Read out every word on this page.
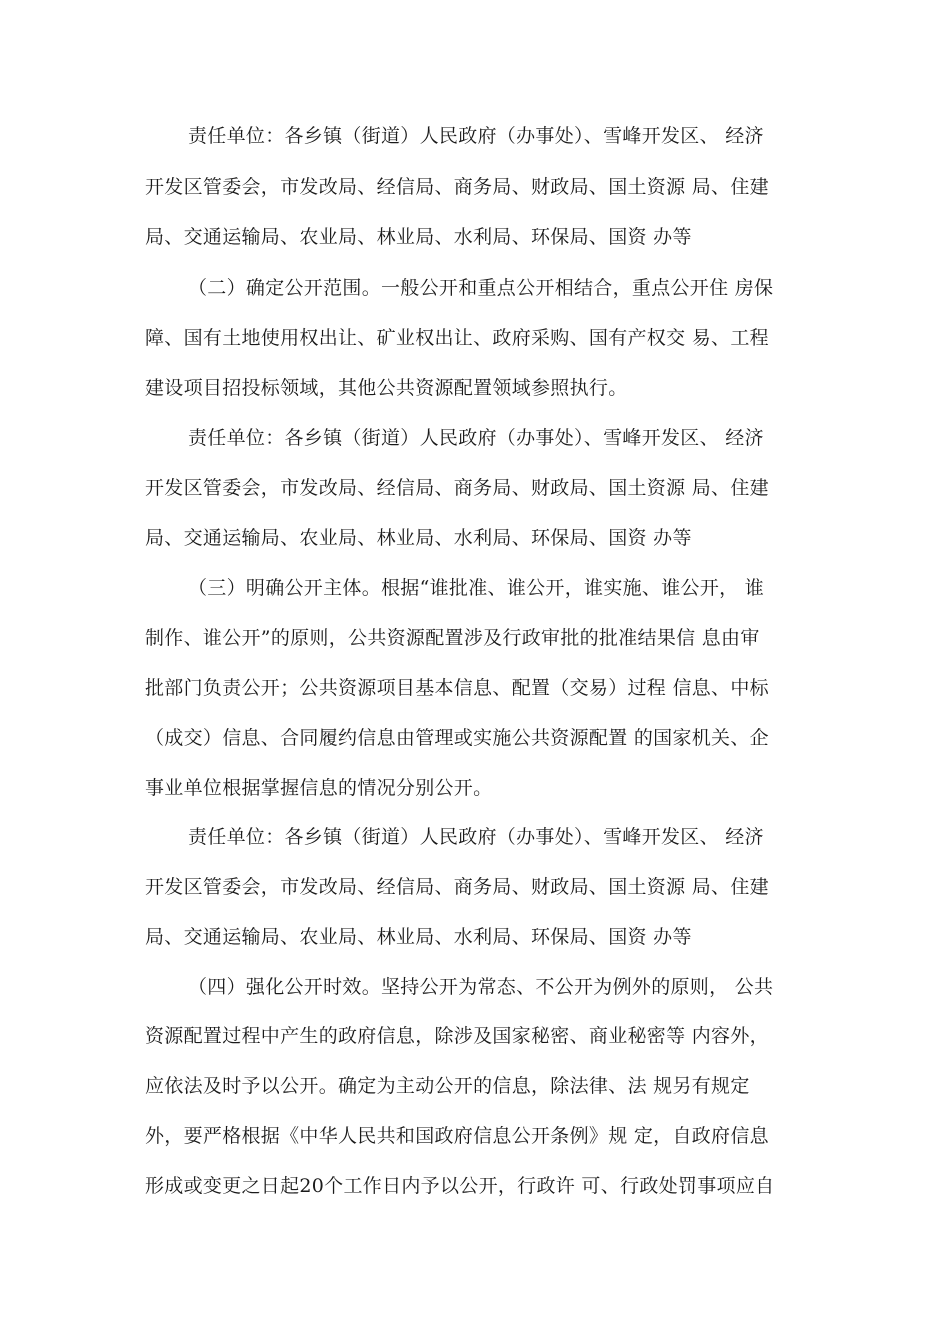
责任单位：各乡镇（街道）人民政府（办事处）、雪峰开发区、 经济
开发区管委会，市发改局、经信局、商务局、财政局、国土资源 局、住建
局、交通运输局、农业局、林业局、水利局、环保局、国资 办等
（二）确定公开范围。一般公开和重点公开相结合，重点公开住 房保
障、国有土地使用权出让、矿业权出让、政府采购、国有产权交 易、工程
建设项目招投标领域，其他公共资源配置领域参照执行。
责任单位：各乡镇（街道）人民政府（办事处）、雪峰开发区、 经济
开发区管委会，市发改局、经信局、商务局、财政局、国土资源 局、住建
局、交通运输局、农业局、林业局、水利局、环保局、国资 办等
（三）明确公开主体。根据“谁批准、谁公开，谁实施、谁公开， 谁
制作、谁公开”的原则，公共资源配置涉及行政审批的批准结果信 息由审
批部门负责公开；公共资源项目基本信息、配置（交易）过程 信息、中标
（成交）信息、合同履约信息由管理或实施公共资源配置 的国家机关、企
事业单位根据掌握信息的情况分别公开。
责任单位：各乡镇（街道）人民政府（办事处）、雪峰开发区、 经济
开发区管委会，市发改局、经信局、商务局、财政局、国土资源 局、住建
局、交通运输局、农业局、林业局、水利局、环保局、国资 办等
（四）强化公开时效。坚持公开为常态、不公开为例外的原则， 公共
资源配置过程中产生的政府信息，除涉及国家秘密、商业秘密等 内容外，
应依法及时予以公开。确定为主动公开的信息，除法律、法 规另有规定
外，要严格根据《中华人民共和国政府信息公开条例》规 定，自政府信息
形成或变更之日起20个工作日内予以公开，行政许 可、行政处罚事项应自
